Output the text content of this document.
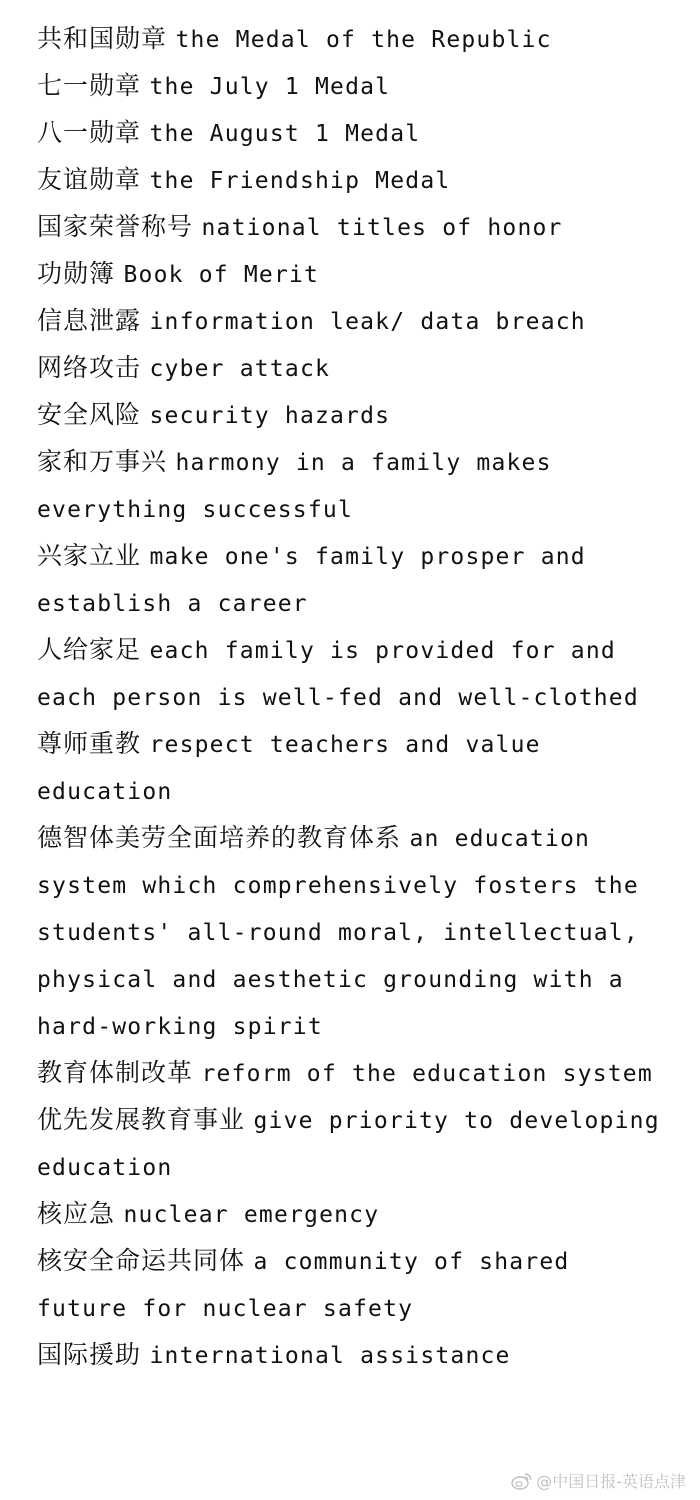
共和国勋章 the Medal of the Republic

七一勋章 the July 1 Medal

八一勋章 the August 1 Medal

友谊勋章 the Friendship Medal

国家荣誉称号 national titles of honor

功勋簿 Book of Merit

信息泄露 information leak/ data breach

网络攻击 cyber attack

安全风险 security hazards

家和万事兴 harmony in a family makes everything successful

兴家立业 make one's family prosper and establish a career

人给家足 each family is provided for and each person is well-fed and well-clothed

尊师重教 respect teachers and value education

德智体美劳全面培养的教育体系 an education system which comprehensively fosters the students' all-round moral, intellectual, physical and aesthetic grounding with a hard-working spirit

教育体制改革 reform of the education system

优先发展教育事业 give priority to developing education

核应急 nuclear emergency

核安全命运共同体 a community of shared future for nuclear safety

国际援助 international assistance

@中国日报-英语点津
